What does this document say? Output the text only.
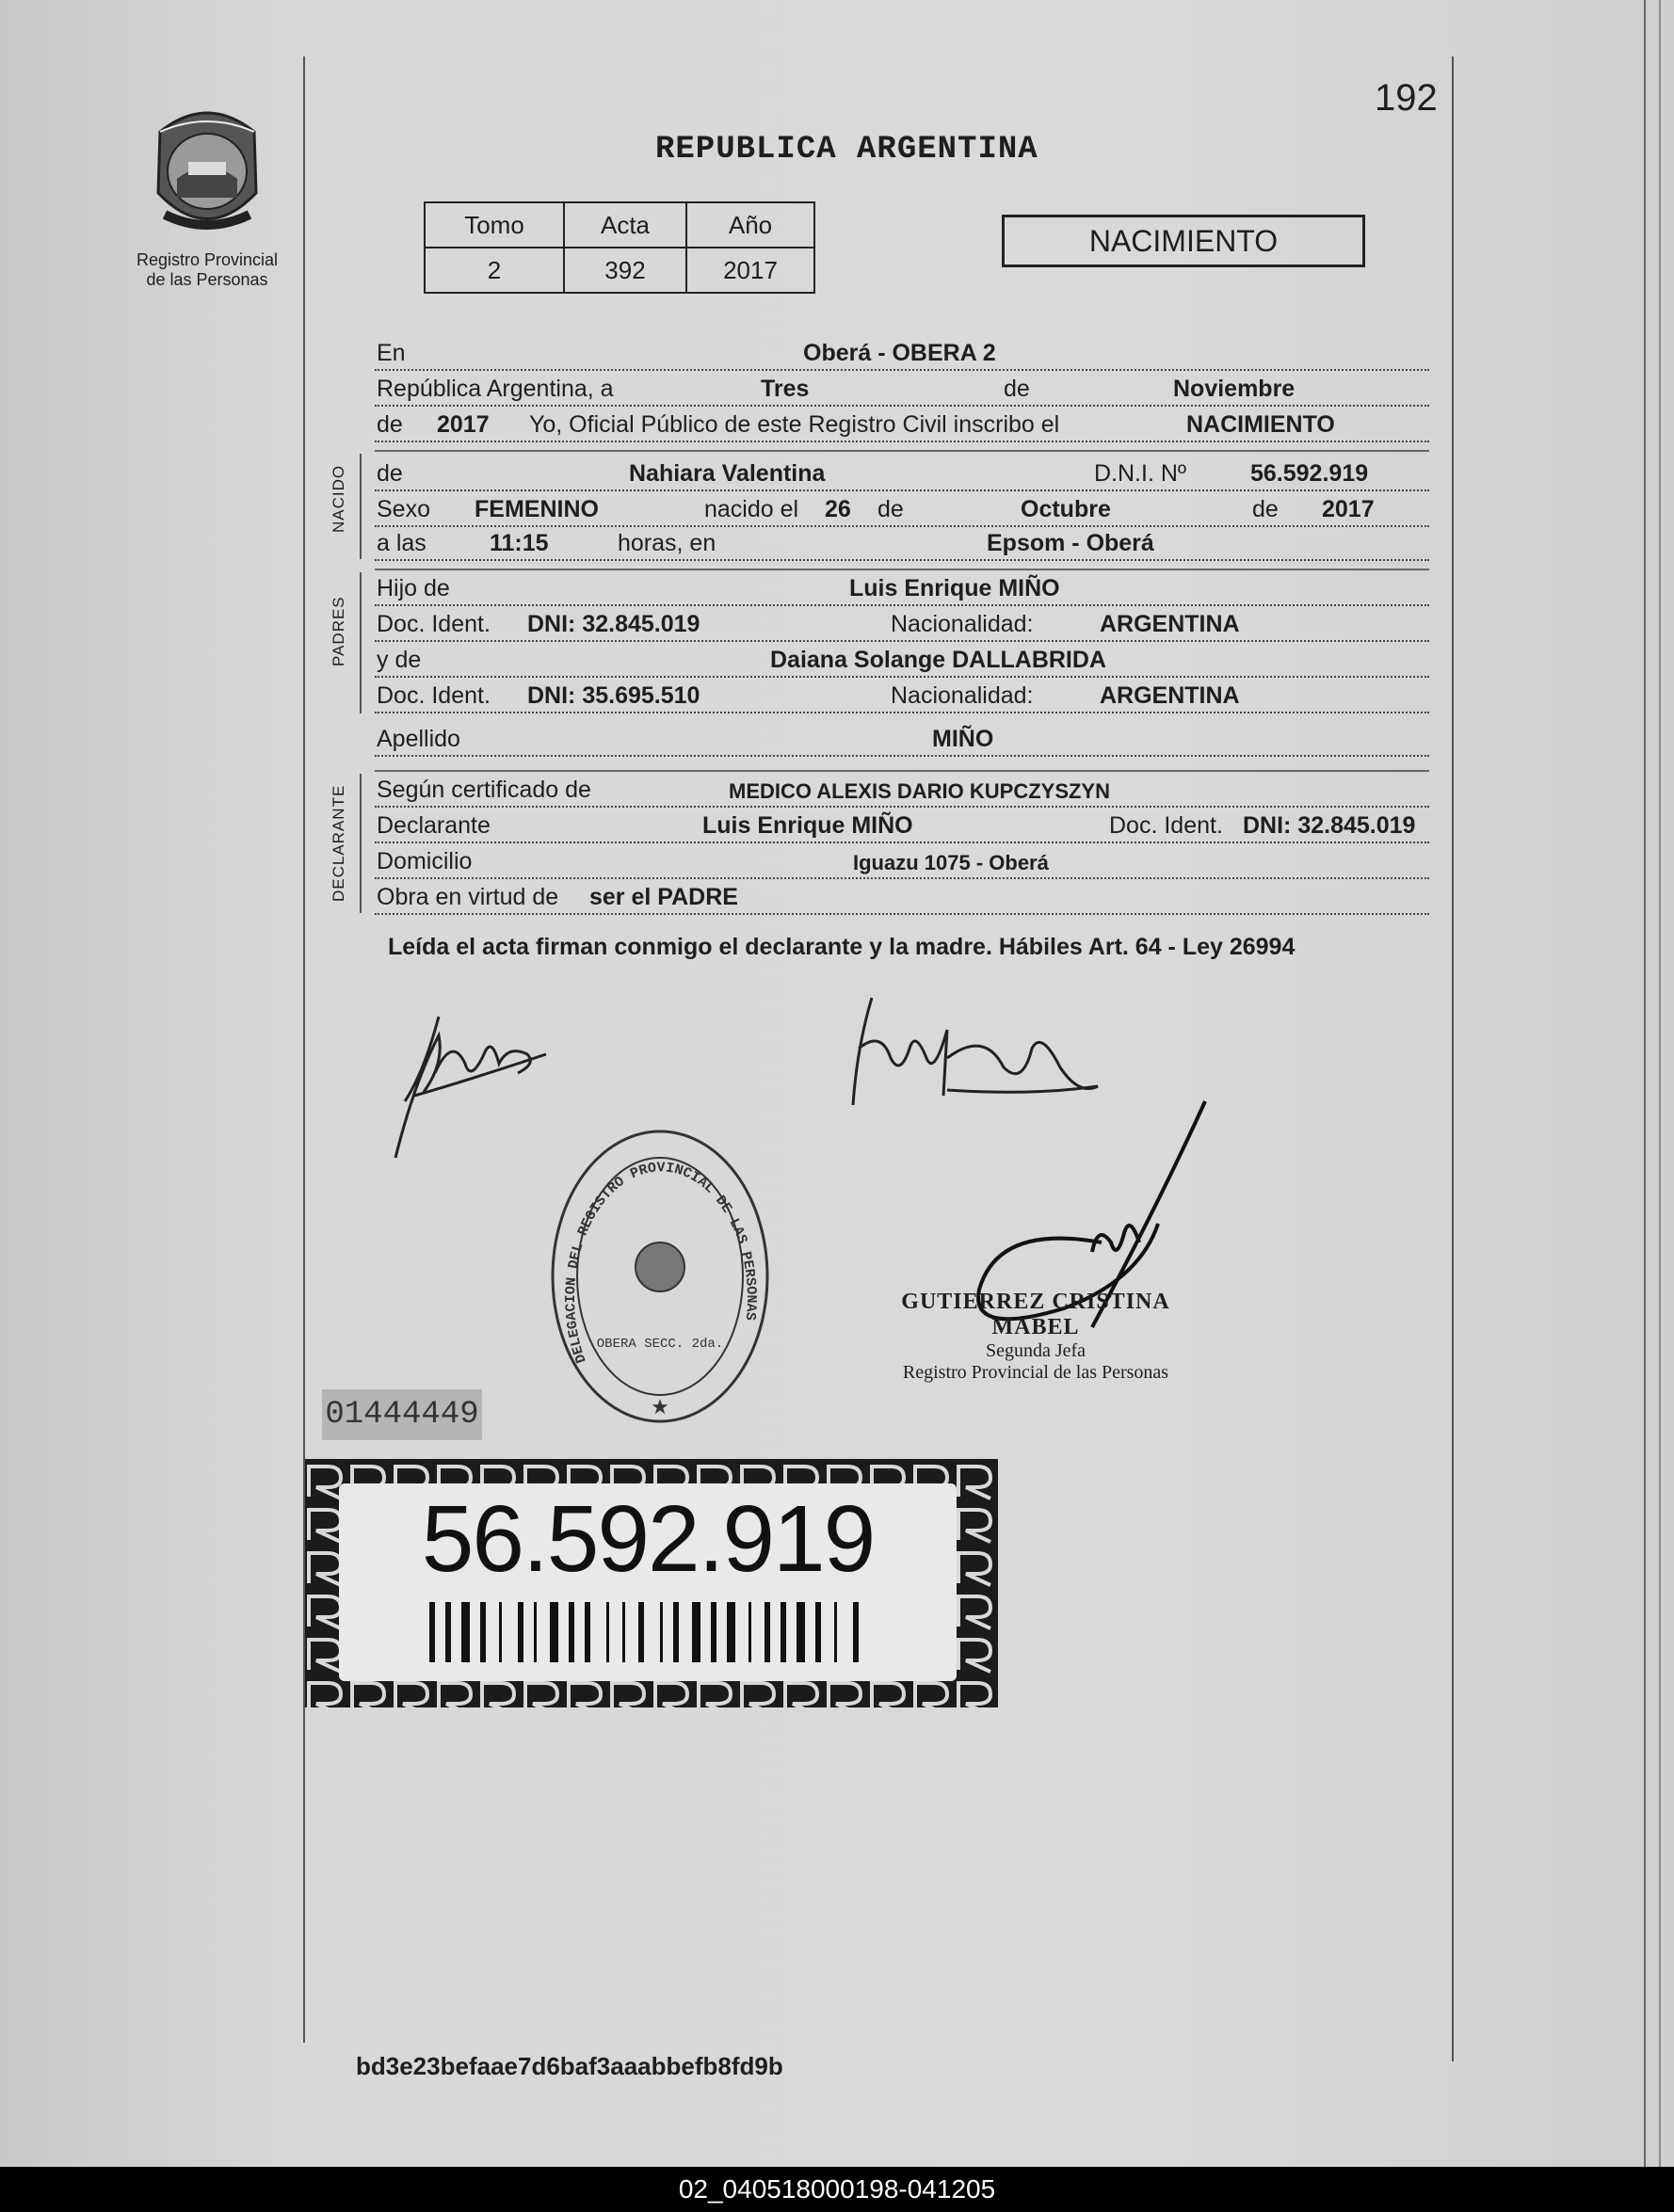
192
Registro Provincial
de las Personas
REPUBLICA ARGENTINA
Tomo	Acta	Año
2	392	2017
NACIMIENTO
En	Oberá - OBERA 2
República Argentina, a	Tres	de	Noviembre
de 2017 Yo, Oficial Público de este Registro Civil inscribo el	NACIMIENTO
NACIDO de	Nahiara Valentina	D.N.I. Nº	56.592.919
Sexo FEMENINO	nacido el 26 de	Octubre	de 2017
a las	11:15	horas, en	Epsom - Oberá
PADRES
Hijo de	Luis Enrique MIÑO
Doc. Ident. DNI: 32.845.019	Nacionalidad:	ARGENTINA
y de	Daiana Solange DALLABRIDA
Doc. Ident. DNI: 35.695.510	Nacionalidad:	ARGENTINA
Apellido	MIÑO
DECLARANTE Según certificado de	MEDICO ALEXIS DARIO KUPCZYSZYN
Declarante	Luis Enrique MIÑO	Doc. Ident. DNI: 32.845.019
Domicilio	Iguazu 1075 - Oberá
Obra en virtud de ser el PADRE
Leída el acta firman conmigo el declarante y la madre. Hábiles Art. 64 - Ley 26994
DELEGACION DEL REGISTRO PROVINCIAL DE LAS PERSONAS
OBERA SECC. 2da.
★
GUTIERREZ CRISTINA MABEL
Segunda Jefa
Registro Provincial de las Personas
01444449
56.592.919
bd3e23befaae7d6baf3aaabbefb8fd9b
02_040518000198-041205
